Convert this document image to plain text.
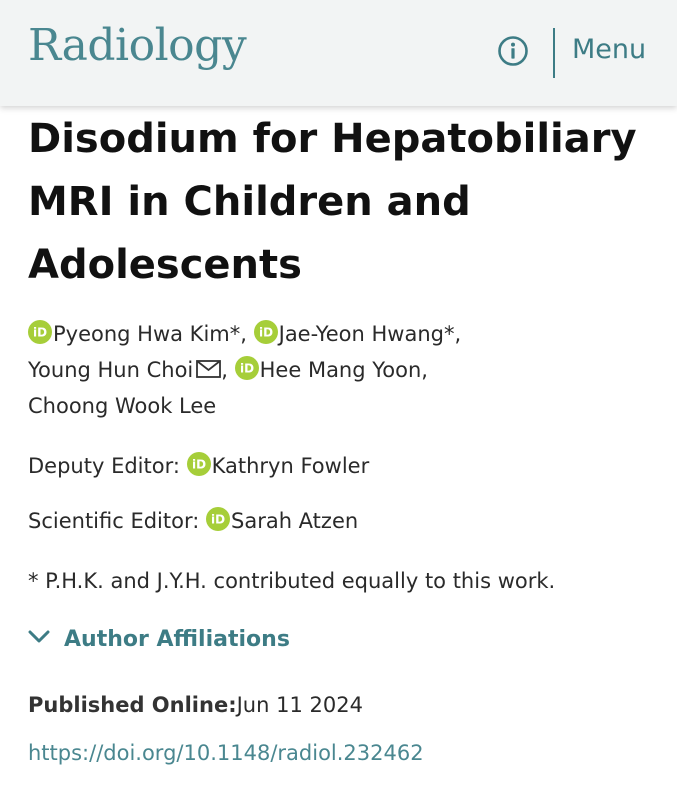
Radiology	Menu
Disodium for Hepatobiliary MRI in Children and Adolescents
iD Pyeong Hwa Kim*, iD Jae-Yeon Hwang*,
Young Hun Choi , iD Hee Mang Yoon,
Choong Wook Lee
Deputy Editor: iD Kathryn Fowler
Scientific Editor: iD Sarah Atzen
* P.H.K. and J.Y.H. contributed equally to this work.
Author Affiliations
Published Online:Jun 11 2024
https://doi.org/10.1148/radiol.232462
